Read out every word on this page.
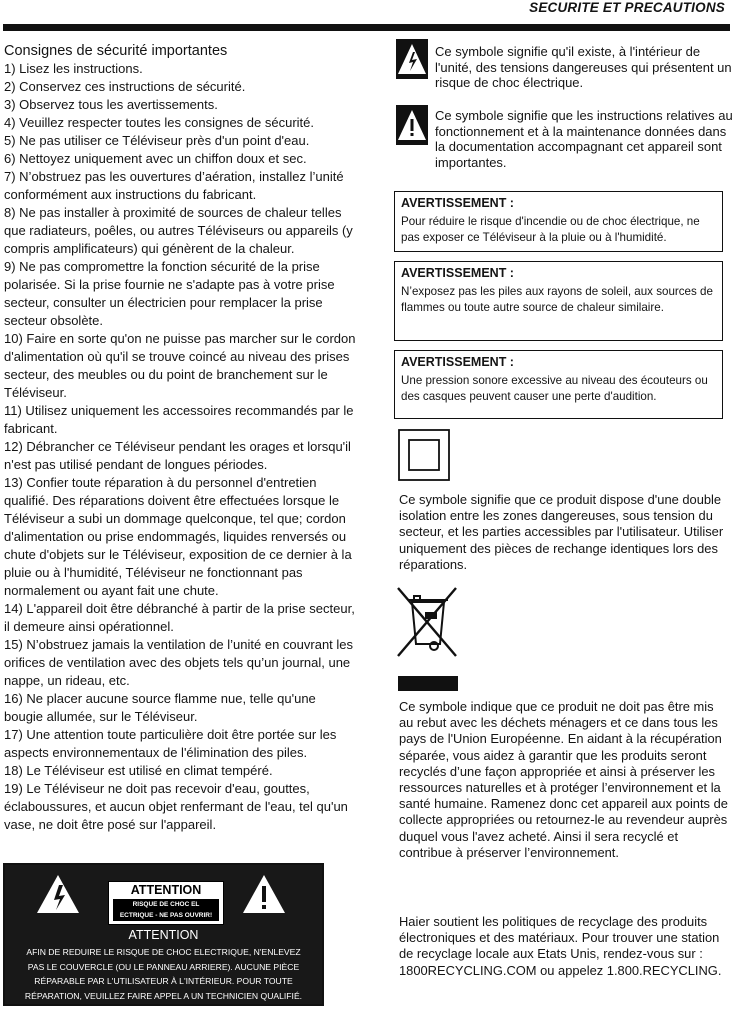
SECURITE ET PRECAUTIONS
Consignes de sécurité importantes
1) Lisez les instructions.
2) Conservez ces instructions de sécurité.
3) Observez tous les avertissements.
4) Veuillez respecter toutes les consignes de sécurité.
5) Ne pas utiliser ce Téléviseur près d'un point d'eau.
6) Nettoyez uniquement avec un chiffon doux et sec.
7) N’obstruez pas les ouvertures d’aération, installez l’unité conformément aux instructions du fabricant.
8) Ne pas installer à proximité de sources de chaleur telles que radiateurs, poêles, ou autres Téléviseurs ou appareils (y compris amplificateurs) qui génèrent de la chaleur.
9) Ne pas compromettre la fonction sécurité de la prise polarisée. Si la prise fournie ne s'adapte pas à votre prise secteur, consulter un électricien pour remplacer la prise secteur obsolète.
10) Faire en sorte qu'on ne puisse pas marcher sur le cordon d'alimentation où qu'il se trouve coincé au niveau des prises secteur, des meubles ou du point de branchement sur le Téléviseur.
11) Utilisez uniquement les accessoires recommandés par le fabricant.
12) Débrancher ce Téléviseur pendant les orages et lorsqu'il n'est pas utilisé pendant de longues périodes.
13) Confier toute réparation à du personnel d'entretien qualifié. Des réparations doivent être effectuées lorsque le Téléviseur a subi un dommage quelconque, tel que; cordon d'alimentation ou prise endommagés, liquides renversés ou chute d'objets sur le Téléviseur, exposition de ce dernier à la pluie ou à l'humidité, Téléviseur ne fonctionnant pas normalement ou ayant fait une chute.
14) L'appareil doit être débranché à partir de la prise secteur, il demeure ainsi opérationnel.
15) N’obstruez jamais la ventilation de l’unité en couvrant les orifices de ventilation avec des objets tels qu’un journal, une nappe, un rideau, etc.
16) Ne placer aucune source flamme nue, telle qu'une bougie allumée, sur le Téléviseur.
17) Une attention toute particulière doit être portée sur les aspects environnementaux de l'élimination des piles.
18) Le Téléviseur est utilisé en climat tempéré.
19) Le Téléviseur ne doit pas recevoir d'eau, gouttes, éclaboussures, et aucun objet renfermant de l'eau, tel qu'un vase, ne doit être posé sur l'appareil.
ATTENTION
RISQUE DE CHOC EL
ECTRIQUE - NE PAS OUVRIR!
ATTENTION
AFIN DE REDUIRE LE RISQUE DE CHOC ELECTRIQUE, N'ENLEVEZ
PAS LE COUVERCLE (OU LE PANNEAU ARRIERE). AUCUNE PIÈCE
RÉPARABLE PAR L'UTILISATEUR À L'INTÉRIEUR. POUR TOUTE
RÉPARATION, VEUILLEZ FAIRE APPEL A UN TECHNICIEN QUALIFIÉ.
Ce symbole signifie qu'il existe, à l'intérieur de l'unité, des tensions dangereuses qui présentent un risque de choc électrique.
Ce symbole signifie que les instructions relatives au fonctionnement et à la maintenance données dans la documentation accompagnant cet appareil sont importantes.
AVERTISSEMENT :
Pour réduire le risque d'incendie ou de choc électrique, ne pas exposer ce Téléviseur à la pluie ou à l'humidité.
AVERTISSEMENT :
N’exposez pas les piles aux rayons de soleil, aux sources de flammes ou toute autre source de chaleur similaire.
AVERTISSEMENT :
Une pression sonore excessive au niveau des écouteurs ou des casques peuvent causer une perte d'audition.
Ce symbole signifie que ce produit dispose d'une double isolation entre les zones dangereuses, sous tension du secteur, et les parties accessibles par l'utilisateur. Utiliser uniquement des pièces de rechange identiques lors des réparations.
Ce symbole indique que ce produit ne doit pas être mis au rebut avec les déchets ménagers et ce dans tous les pays de l'Union Européenne. En aidant à la récupération séparée, vous aidez à garantir que les produits seront recyclés d’une façon appropriée et ainsi à préserver les ressources naturelles et à protéger l’environnement et la santé humaine. Ramenez donc cet appareil aux points de collecte appropriées ou retournez-le au revendeur auprès duquel vous l'avez acheté. Ainsi il sera recyclé et contribue à préserver l’environnement.
Haier soutient les politiques de recyclage des produits électroniques et des matériaux. Pour trouver une station de recyclage locale aux Etats Unis, rendez-vous sur : 1800RECYCLING.COM ou appelez 1.800.RECYCLING.
